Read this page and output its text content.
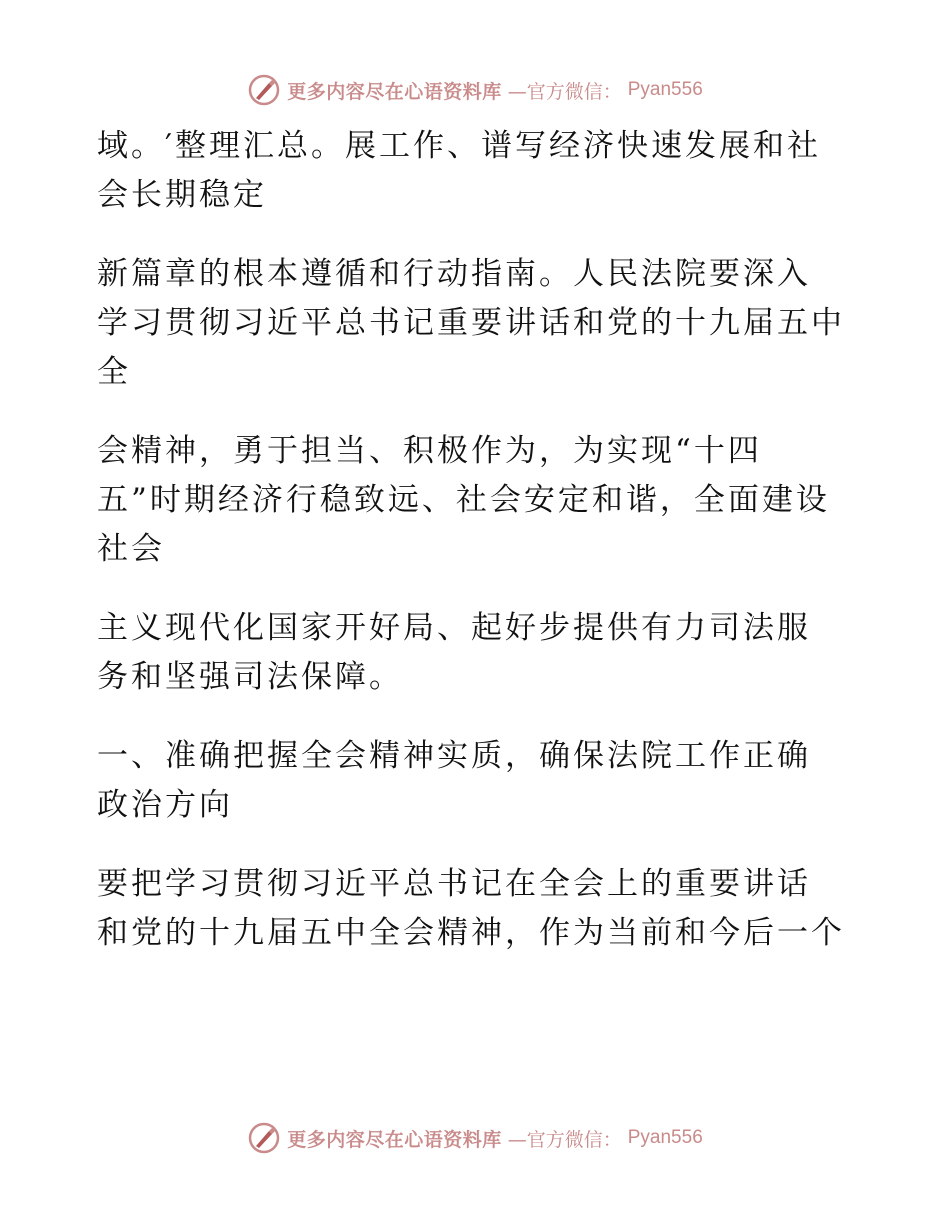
更多内容尽在心语资料库 —官方微信： Pyan556

域。′整理汇总。展工作、谱写经济快速发展和社
会长期稳定

新篇章的根本遵循和行动指南。人民法院要深入
学习贯彻习近平总书记重要讲话和党的十九届五中
全

会精神，勇于担当、积极作为，为实现“十四
五”时期经济行稳致远、社会安定和谐，全面建设
社会

主义现代化国家开好局、起好步提供有力司法服
务和坚强司法保障。

一、准确把握全会精神实质，确保法院工作正确
政治方向

要把学习贯彻习近平总书记在全会上的重要讲话
和党的十九届五中全会精神，作为当前和今后一个

更多内容尽在心语资料库 —官方微信： Pyan556
